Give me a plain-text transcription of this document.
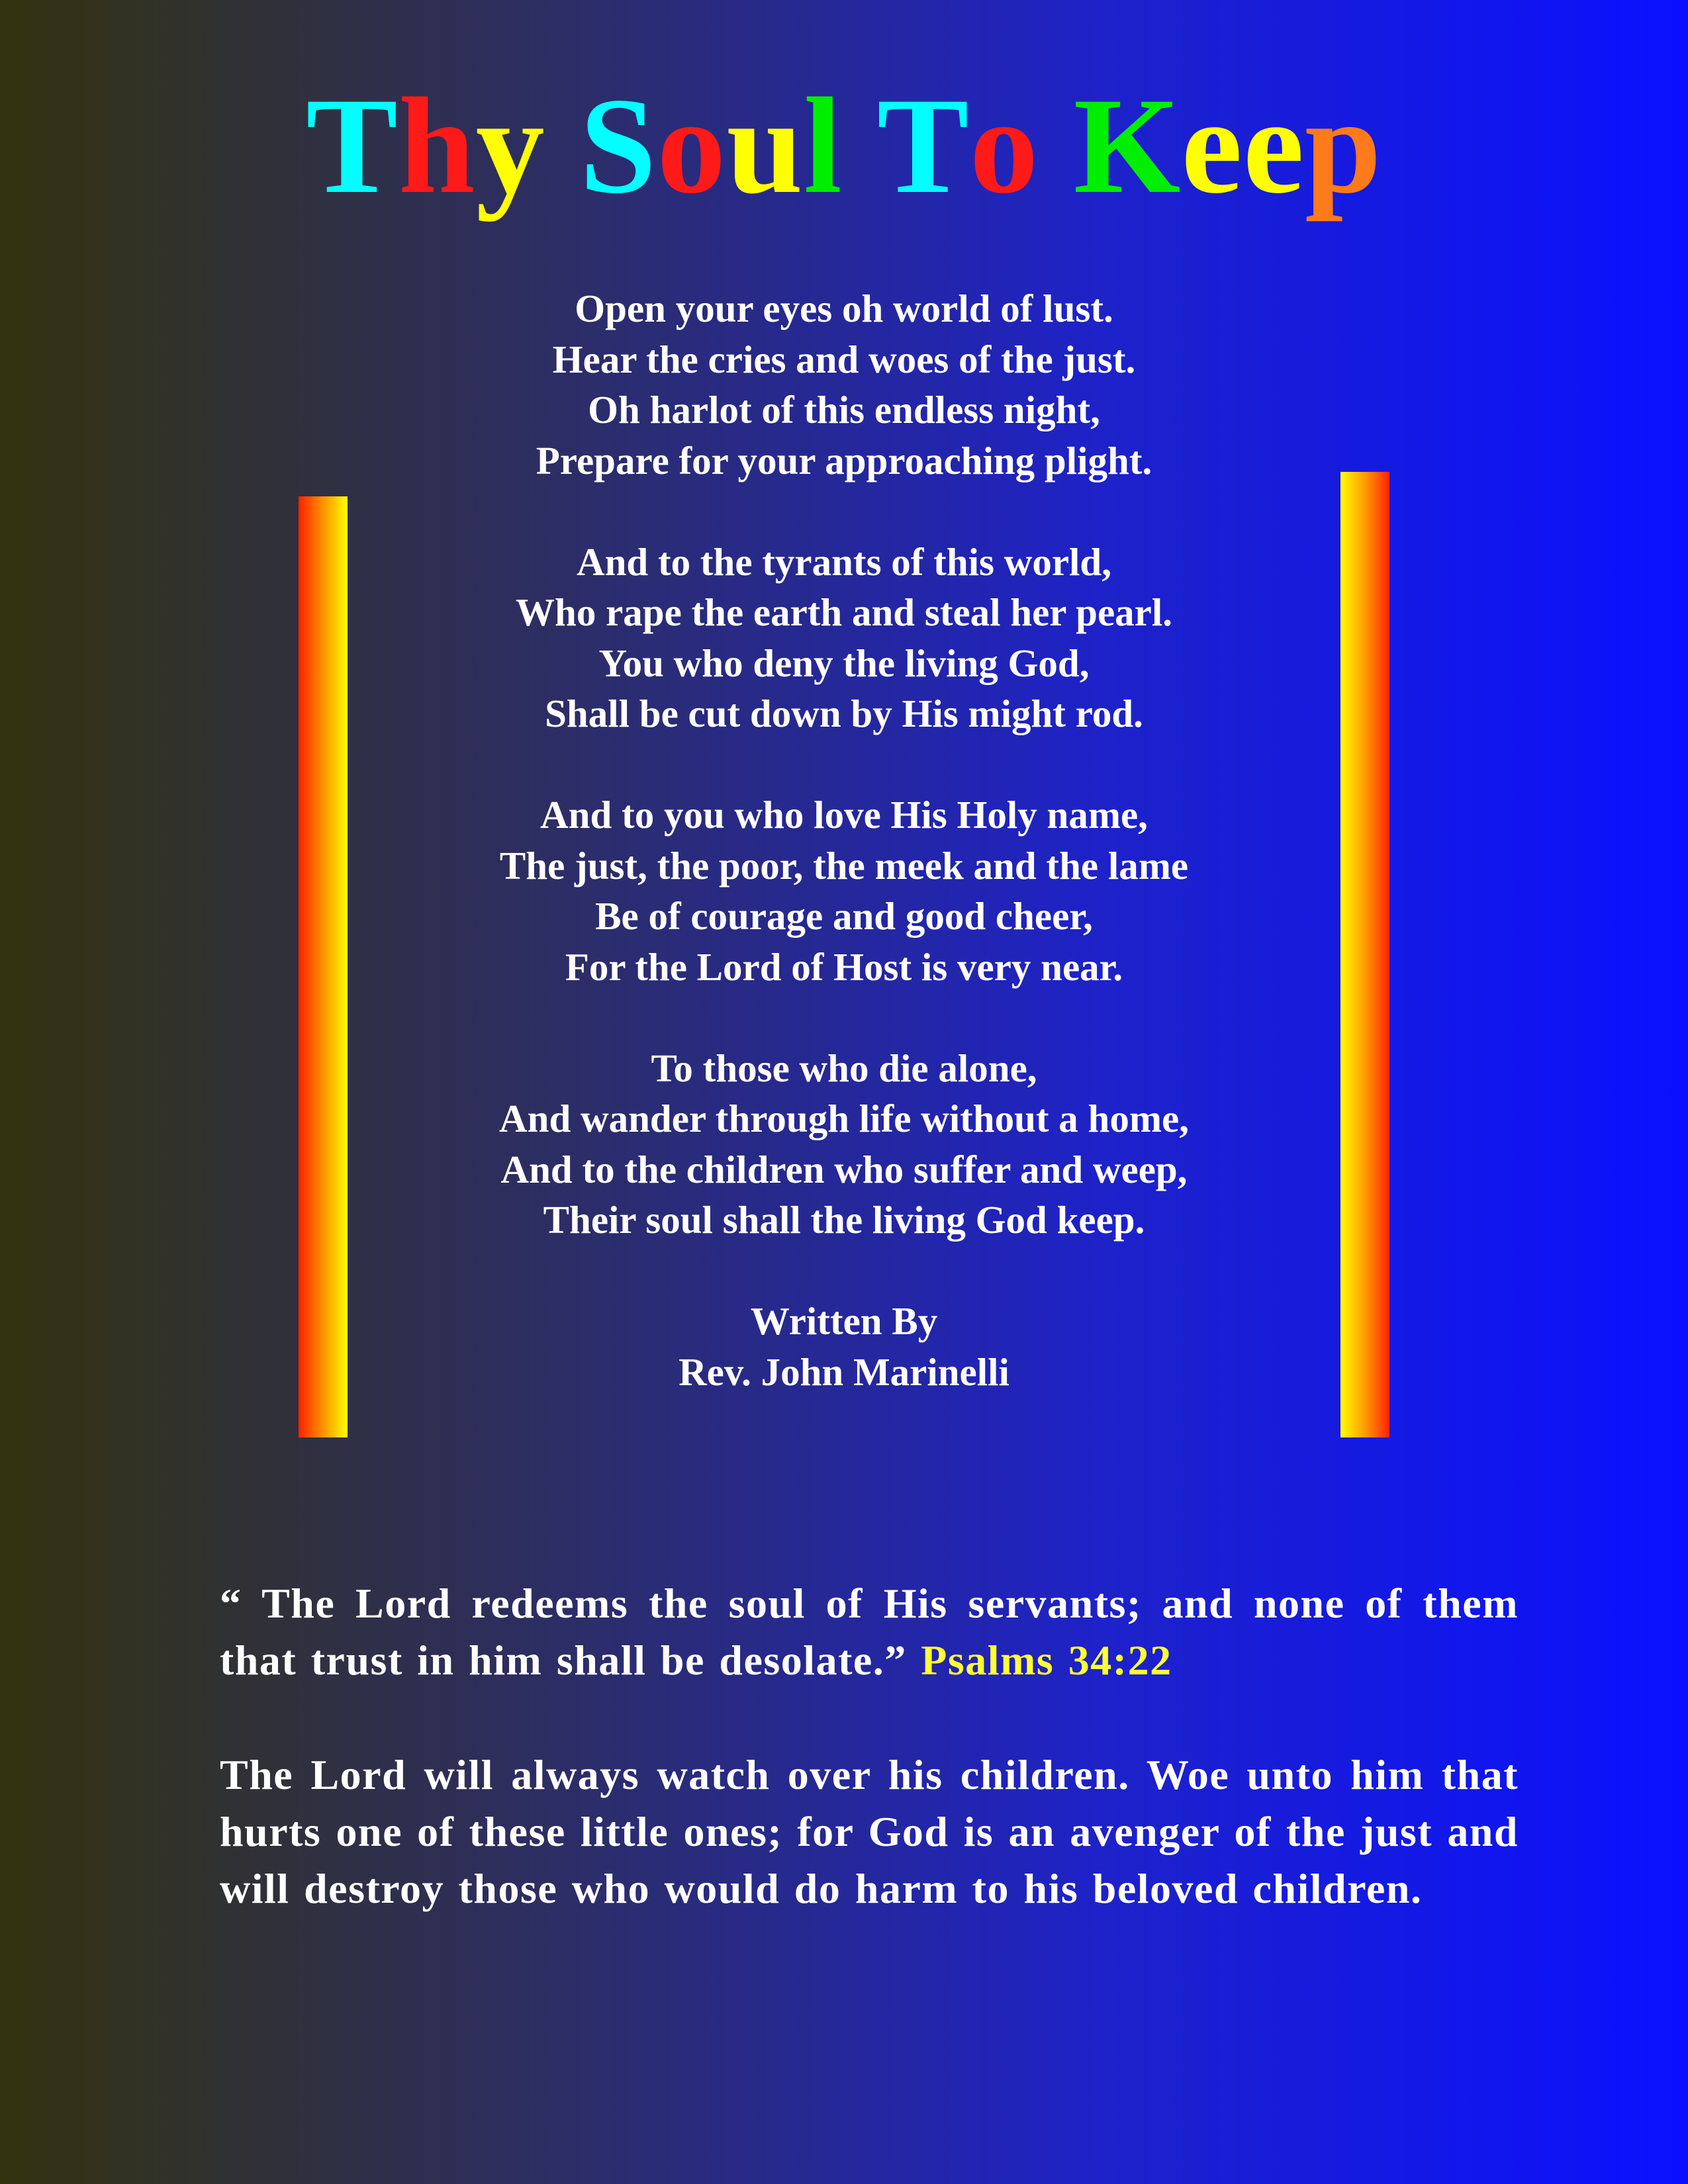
Thy Soul To Keep
Open your eyes oh world of lust.
Hear the cries and woes of the just.
Oh harlot of this endless night,
Prepare for your approaching plight.
And to the tyrants of this world,
Who rape the earth and steal her pearl.
You who deny the living God,
Shall be cut down by His might rod.
And to you who love His Holy name,
The just, the poor, the meek and the lame
Be of courage and good cheer,
For the Lord of Host is very near.
To those who die alone,
And wander through life without a home,
And to the children who suffer and weep,
Their soul shall the living God keep.
Written By
Rev. John Marinelli

“ The Lord redeems the soul of His servants; and none of them that trust in him shall be desolate.” Psalms 34:22

The Lord will always watch over his children. Woe unto him that hurts one of these little ones; for God is an avenger of the just and will destroy those who would do harm to his beloved children.
